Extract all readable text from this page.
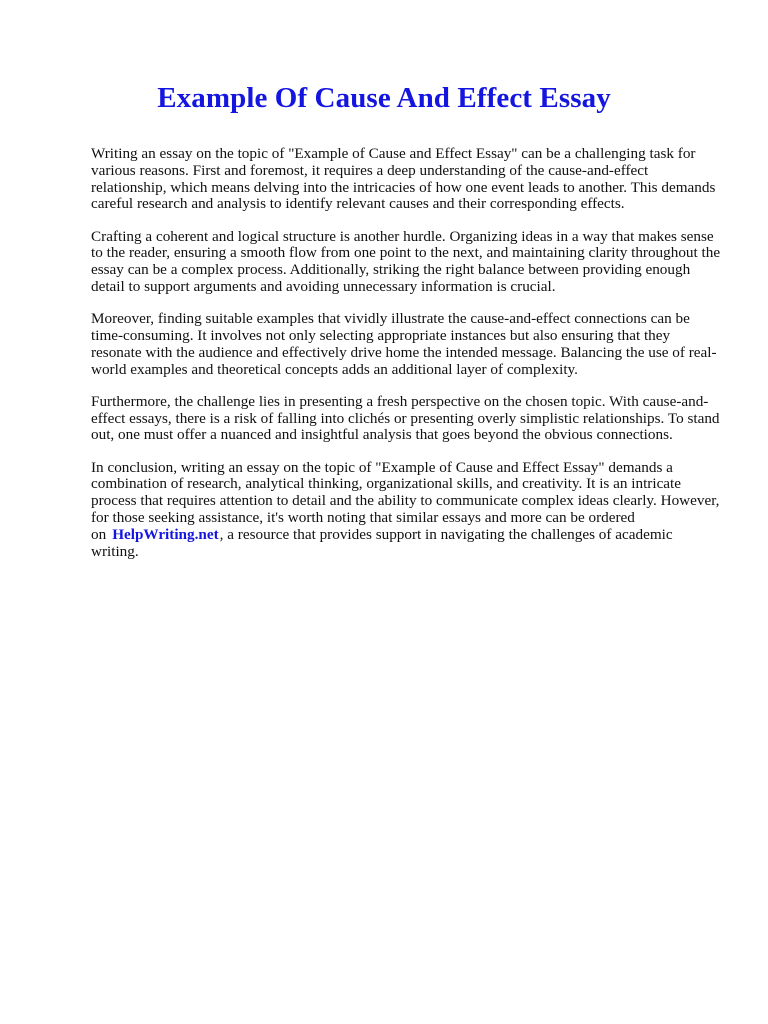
Example Of Cause And Effect Essay

Writing an essay on the topic of "Example of Cause and Effect Essay" can be a challenging task for various reasons. First and foremost, it requires a deep understanding of the cause-and-effect relationship, which means delving into the intricacies of how one event leads to another. This demands careful research and analysis to identify relevant causes and their corresponding effects.

Crafting a coherent and logical structure is another hurdle. Organizing ideas in a way that makes sense to the reader, ensuring a smooth flow from one point to the next, and maintaining clarity throughout the essay can be a complex process. Additionally, striking the right balance between providing enough detail to support arguments and avoiding unnecessary information is crucial.

Moreover, finding suitable examples that vividly illustrate the cause-and-effect connections can be time-consuming. It involves not only selecting appropriate instances but also ensuring that they resonate with the audience and effectively drive home the intended message. Balancing the use of real-world examples and theoretical concepts adds an additional layer of complexity.

Furthermore, the challenge lies in presenting a fresh perspective on the chosen topic. With cause-and-effect essays, there is a risk of falling into clichés or presenting overly simplistic relationships. To stand out, one must offer a nuanced and insightful analysis that goes beyond the obvious connections.

In conclusion, writing an essay on the topic of "Example of Cause and Effect Essay" demands a combination of research, analytical thinking, organizational skills, and creativity. It is an intricate process that requires attention to detail and the ability to communicate complex ideas clearly. However, for those seeking assistance, it's worth noting that similar essays and more can be ordered on HelpWriting.net, a resource that provides support in navigating the challenges of academic writing.
